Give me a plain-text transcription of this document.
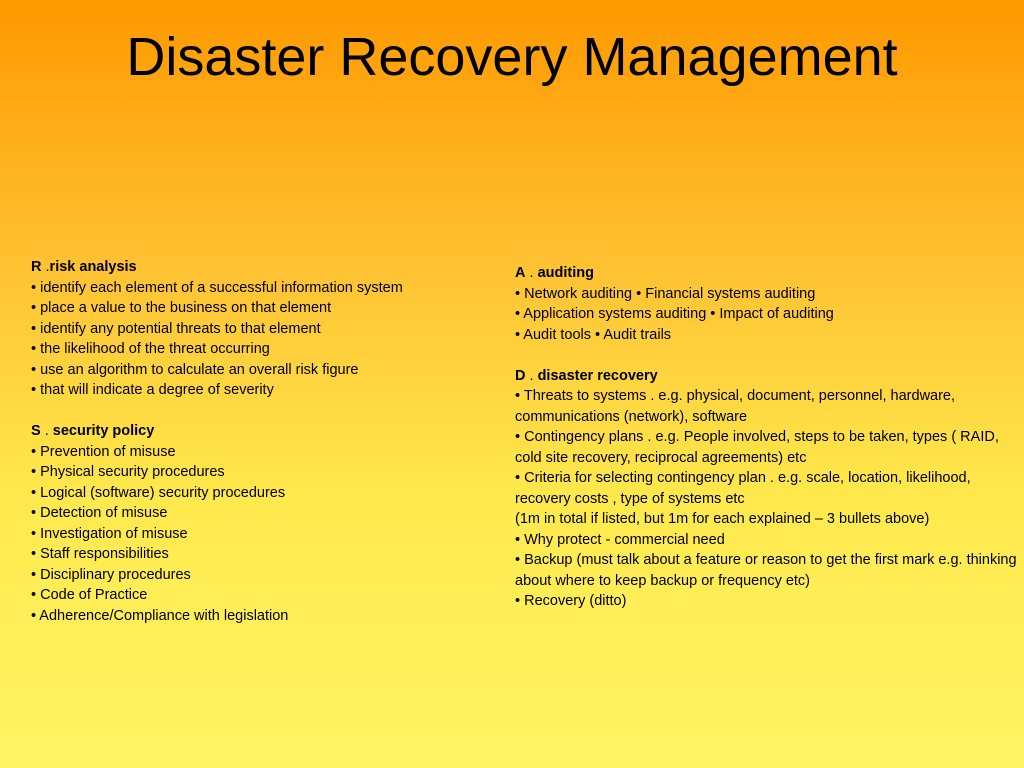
Disaster Recovery Management
R .risk analysis
• identify each element of a successful information system
• place a value to the business on that element
• identify any potential threats to that element
• the likelihood of the threat occurring
• use an algorithm to calculate an overall risk figure
• that will indicate a degree of severity
S . security policy
• Prevention of misuse
• Physical security procedures
• Logical (software) security procedures
• Detection of misuse
• Investigation of misuse
• Staff responsibilities
• Disciplinary procedures
• Code of Practice
• Adherence/Compliance with legislation
A . auditing
• Network auditing • Financial systems auditing
• Application systems auditing • Impact of auditing
• Audit tools • Audit trails
D . disaster recovery
• Threats to systems . e.g. physical, document, personnel, hardware, communications (network), software
• Contingency plans . e.g. People involved, steps to be taken, types ( RAID, cold site recovery, reciprocal agreements) etc
• Criteria for selecting contingency plan . e.g. scale, location, likelihood, recovery costs , type of systems etc
(1m in total if listed, but 1m for each explained – 3 bullets above)
• Why protect - commercial need
• Backup (must talk about a feature or reason to get the first mark e.g. thinking about where to keep backup or frequency etc)
• Recovery (ditto)
